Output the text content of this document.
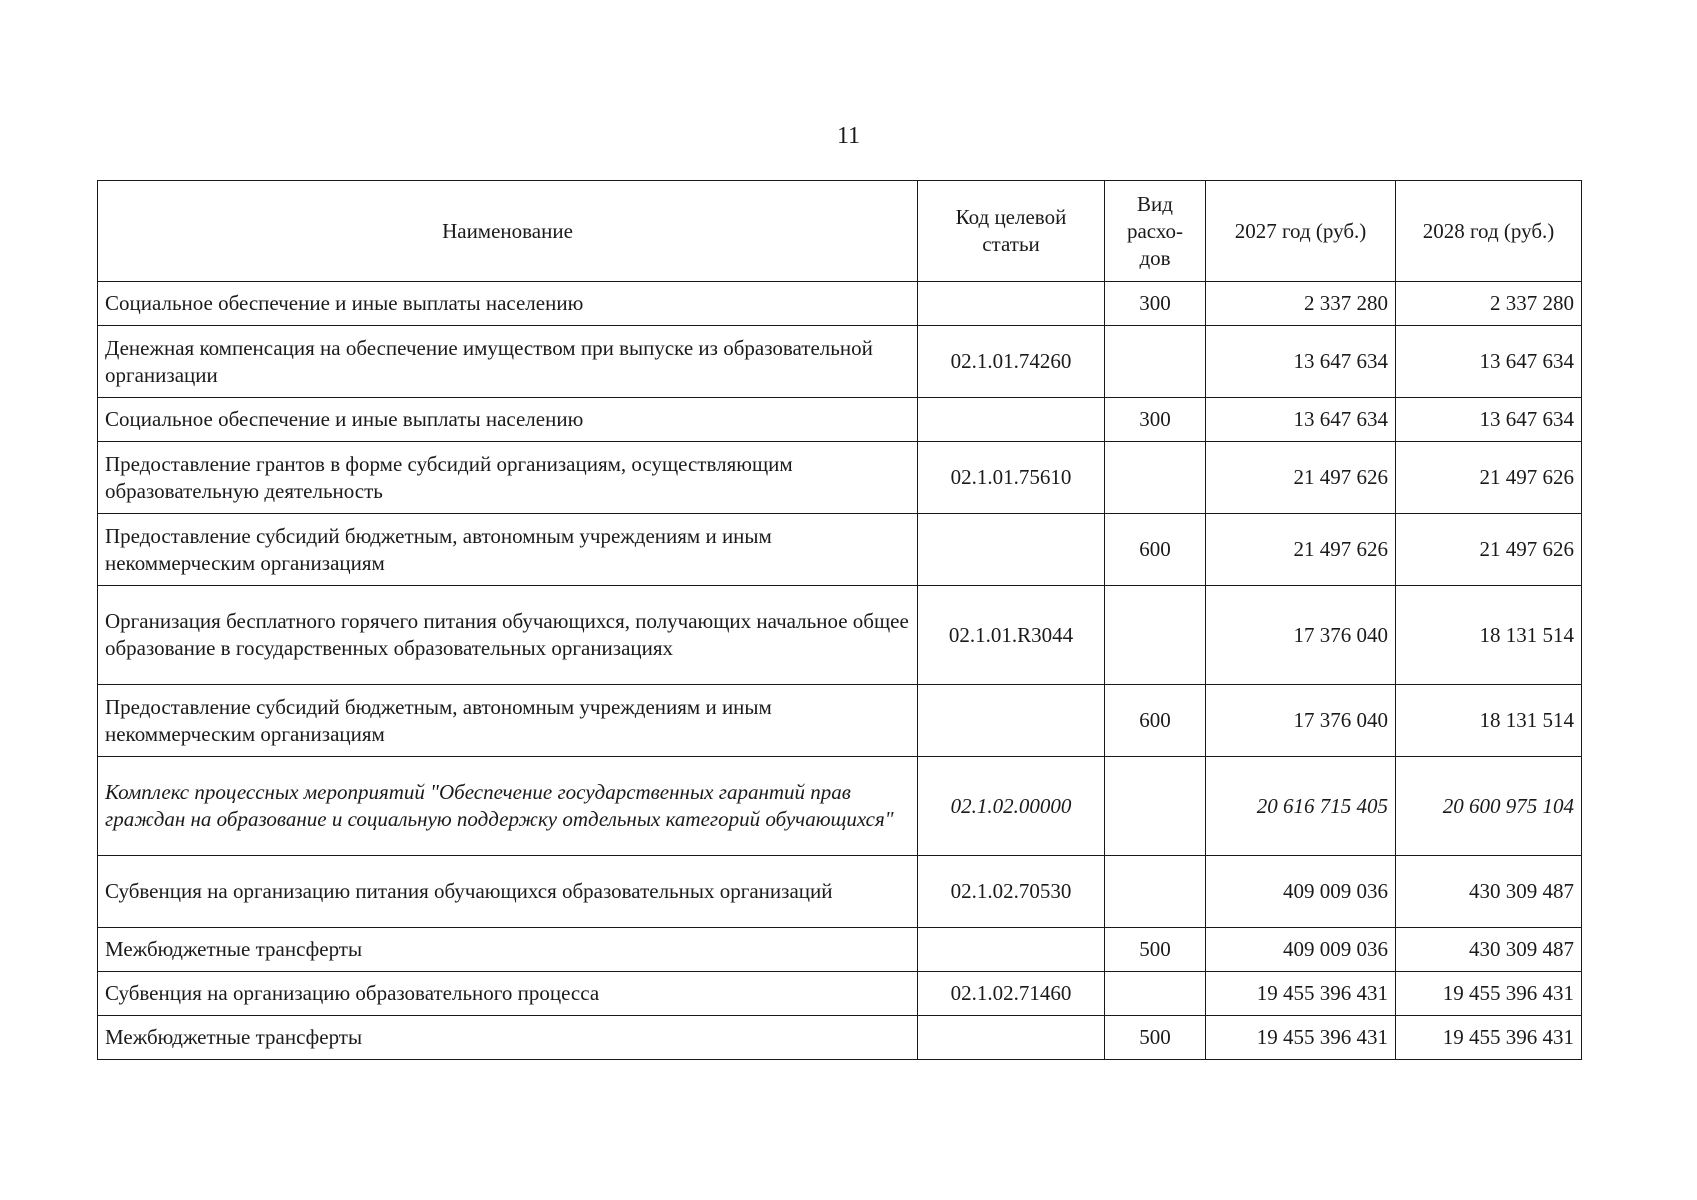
11
Наименование	Код целевой статьи	Вид расхо-дов	2027 год (руб.)	2028 год (руб.)
Социальное обеспечение и иные выплаты населению		300	2 337 280	2 337 280
Денежная компенсация на обеспечение имуществом при выпуске из образовательной организации	02.1.01.74260		13 647 634	13 647 634
Социальное обеспечение и иные выплаты населению		300	13 647 634	13 647 634
Предоставление грантов в форме субсидий организациям, осуществляющим образовательную деятельность	02.1.01.75610		21 497 626	21 497 626
Предоставление субсидий бюджетным, автономным учреждениям и иным некоммерческим организациям		600	21 497 626	21 497 626
Организация бесплатного горячего питания обучающихся, получающих начальное общее образование в государственных образовательных организациях	02.1.01.R3044		17 376 040	18 131 514
Предоставление субсидий бюджетным, автономным учреждениям и иным некоммерческим организациям		600	17 376 040	18 131 514
Комплекс процессных мероприятий "Обеспечение государственных гарантий прав граждан на образование и социальную поддержку отдельных категорий обучающихся"	02.1.02.00000		20 616 715 405	20 600 975 104
Субвенция на организацию питания обучающихся образовательных организаций	02.1.02.70530		409 009 036	430 309 487
Межбюджетные трансферты		500	409 009 036	430 309 487
Субвенция на организацию образовательного процесса	02.1.02.71460		19 455 396 431	19 455 396 431
Межбюджетные трансферты		500	19 455 396 431	19 455 396 431
